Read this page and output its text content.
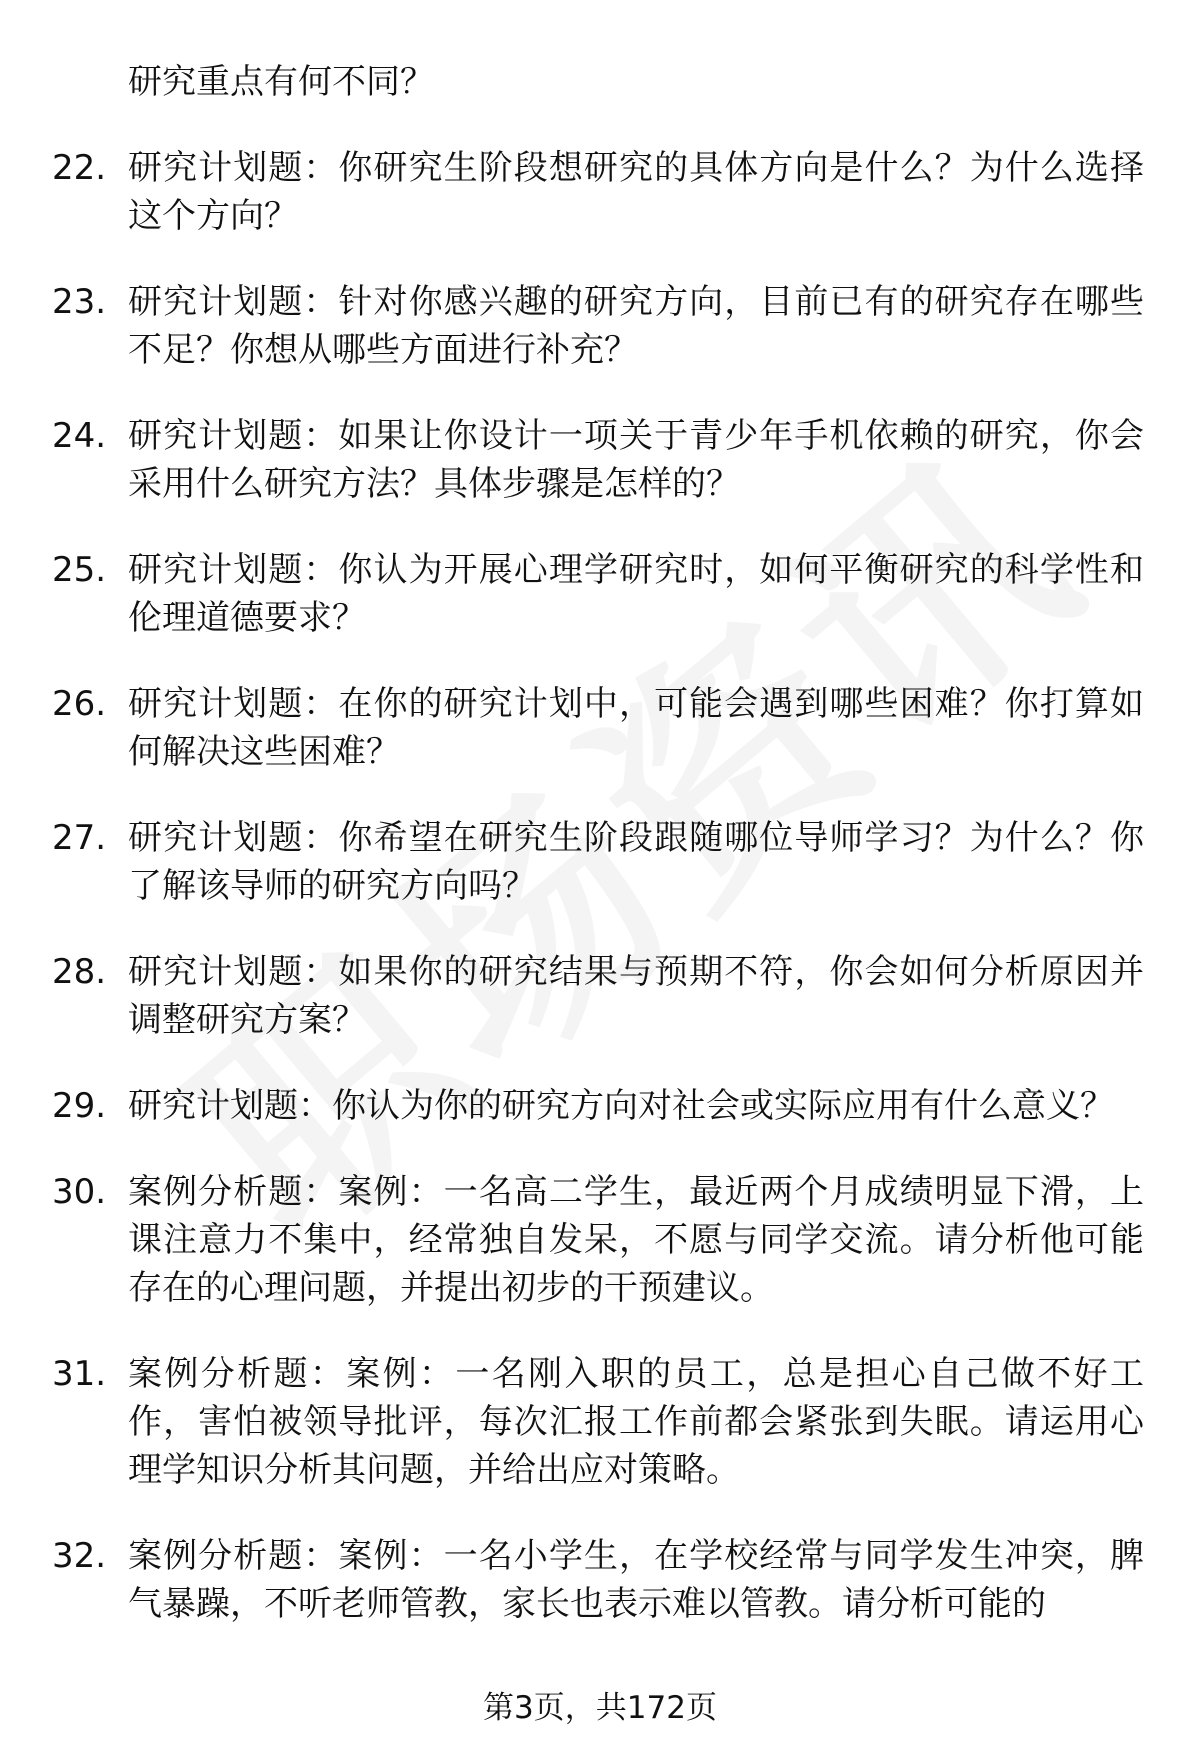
研究重点有何不同？
22. 研究计划题：你研究生阶段想研究的具体方向是什么？为什么选择这个方向？
23. 研究计划题：针对你感兴趣的研究方向，目前已有的研究存在哪些不足？你想从哪些方面进行补充？
24. 研究计划题：如果让你设计一项关于青少年手机依赖的研究，你会采用什么研究方法？具体步骤是怎样的？
25. 研究计划题：你认为开展心理学研究时，如何平衡研究的科学性和伦理道德要求？
26. 研究计划题：在你的研究计划中，可能会遇到哪些困难？你打算如何解决这些困难？
27. 研究计划题：你希望在研究生阶段跟随哪位导师学习？为什么？你了解该导师的研究方向吗？
28. 研究计划题：如果你的研究结果与预期不符，你会如何分析原因并调整研究方案？
29. 研究计划题：你认为你的研究方向对社会或实际应用有什么意义？
30. 案例分析题：案例：一名高二学生，最近两个月成绩明显下滑，上课注意力不集中，经常独自发呆，不愿与同学交流。请分析他可能存在的心理问题，并提出初步的干预建议。
31. 案例分析题：案例：一名刚入职的员工，总是担心自己做不好工作，害怕被领导批评，每次汇报工作前都会紧张到失眠。请运用心理学知识分析其问题，并给出应对策略。
32. 案例分析题：案例：一名小学生，在学校经常与同学发生冲突，脾气暴躁，不听老师管教，家长也表示难以管教。请分析可能的
第3页，共172页
